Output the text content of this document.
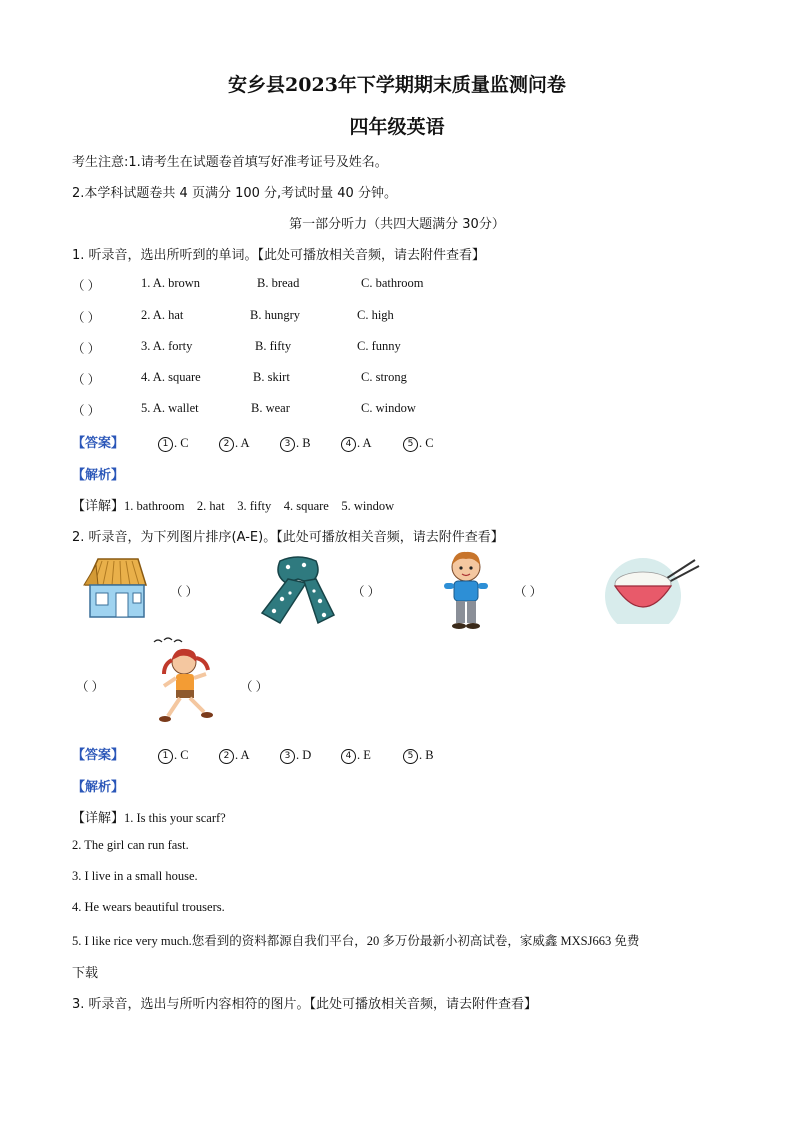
安乡县2023年下学期期末质量监测问卷
四年级英语
考生注意:1.请考生在试题卷首填写好准考证号及姓名。
2.本学科试题卷共 4 页满分 100 分,考试时量 40 分钟。
第一部分听力（共四大题满分 30分）
1. 听录音，选出所听到的单词。【此处可播放相关音频，请去附件查看】
（ ）	1. A. brown	B. bread	C. bathroom
（ ）	2. A. hat	B. hungry	C. high
（ ）	3. A. forty	B. fifty	C. funny
（ ）	4. A. square	B. skirt	C. strong
（ ）	5. A. wallet	B. wear	C. window
【答案】	1 . C	2 . A	3 . B	4 . A	5 . C
【解析】
【详解】1. bathroom    2. hat    3. fifty    4. square    5. window
2. 听录音，为下列图片排序(A-E)。【此处可播放相关音频，请去附件查看】
（ ）	（ ）	（ ）
（ ）	（ ）
【答案】	1 . C	2 . A	3 . D	4 . E	5 . B
【解析】
【详解】1. Is this your scarf?
2. The girl can run fast.
3. I live in a small house.
4. He wears beautiful trousers.
5. I like rice very much.您看到的资料都源自我们平台，20 多万份最新小初高试卷，家威鑫 MXSJ663 免费
下载
3. 听录音，选出与所听内容相符的图片。【此处可播放相关音频，请去附件查看】
